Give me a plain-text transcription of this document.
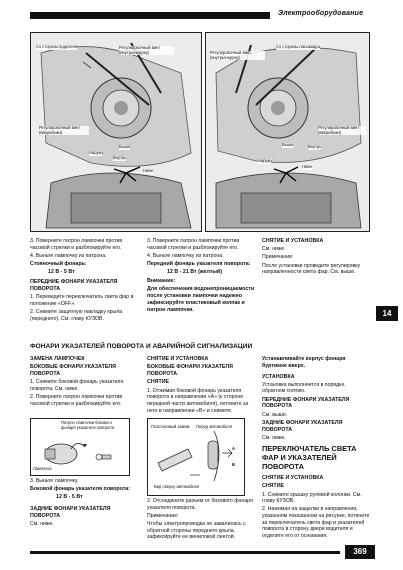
Электрооборудование
Со стороны водителя	Регулировочный винт (внутрь/наружу)
Регулировочный винт (вверх/вниз)
Наружу
Выше
Внутрь
Ниже
Со стороны пассажира
Регулировочный винт (внутрь/наружу)
Регулировочный винт (вверх/вниз)
Выше	Внутрь
Наружу
Ниже

3. Поверните патрон лампочки против часовой стрелки и разблокируйте его.

4. Выньте лампочку из патрона.

Стояночный фонарь:

12 В - 5 Вт

ПЕРЕДНИЕ ФОНАРИ УКАЗАТЕЛЯ ПОВОРОТА

1. Переведите переключатель света фар в положение «OFF».

2. Снимите защитную накладку крыла (переднего). См. главу КУЗОВ.

3. Поверните патрон лампочки против часовой стрелки и разблокируйте его.

4. Выньте лампочку из патрона.

Передний фонарь указателя поворота:

12 В - 21 Вт (желтый)

Внимание:

Для обеспечения водонепроницаемости после установки лампочки надежно зафиксируйте пластиковый колпак и патрон лампочки.

СНЯТИЕ И УСТАНОВКА

См. ниже.

Примечание:

После установки проведите регулировку направленности света фар. См. выше.

14
ФОНАРИ УКАЗАТЕЛЕЙ ПОВОРОТА И АВАРИЙНОЙ СИГНАЛИЗАЦИИ

ЗАМЕНА ЛАМПОЧЕК

БОКОВЫЕ ФОНАРИ УКАЗАТЕЛЯ ПОВОРОТА

1. Снимите боковой фонарь указателя поворота. См. ниже.

2. Поверните патрон лампочки против часовой стрелки и разблокируйте его.

Патрон лампочки бокового фонаря указателя поворота
Лампочка

3. Выньте лампочку.

Боковой фонарь указателя поворота:

12 В - 5 Вт

ЗАДНИЕ ФОНАРИ УКАЗАТЕЛЯ ПОВОРОТА

См. ниже.

СНЯТИЕ И УСТАНОВКА

БОКОВЫЕ ФОНАРИ УКАЗАТЕЛЯ ПОВОРОТА

СНЯТИЕ

1. Отжимая боковой фонарь указателя поворота в направлении «А» (к стороне передней части автомобиля), потяните за него в направлении «В» и снимите.

Пластиковый зажим Перед автомобиля
Вид сверху автомобиля
A
B

2. Отсоедините разъем от бокового фонаря указателя поворота.

Примечание:

Чтобы электропроводка не завалилась с обратной стороны переднего крыла, зафиксируйте ее виниловой лентой.

Устанавливайте корпус фонаря буртиком вверх.

УСТАНОВКА

Установка выполняется в порядке, обратном снятию.

ПЕРЕДНИЕ ФОНАРИ УКАЗАТЕЛЯ ПОВОРОТА

См. выше.

ЗАДНИЕ ФОНАРИ УКАЗАТЕЛЯ ПОВОРОТА

См. ниже.

ПЕРЕКЛЮЧАТЕЛЬ СВЕТА ФАР И УКАЗАТЕЛЕЙ ПОВОРОТА

СНЯТИЕ И УСТАНОВКА

СНЯТИЕ

1. Снимите крышку рулевой колонки. См. главу КУЗОВ.

2. Нажимая на защелки в направлении, указанном показанном на рисунке, потяните за переключатель света фар и указателей поворота в сторону двери водителя и отделите его от основания.

369
